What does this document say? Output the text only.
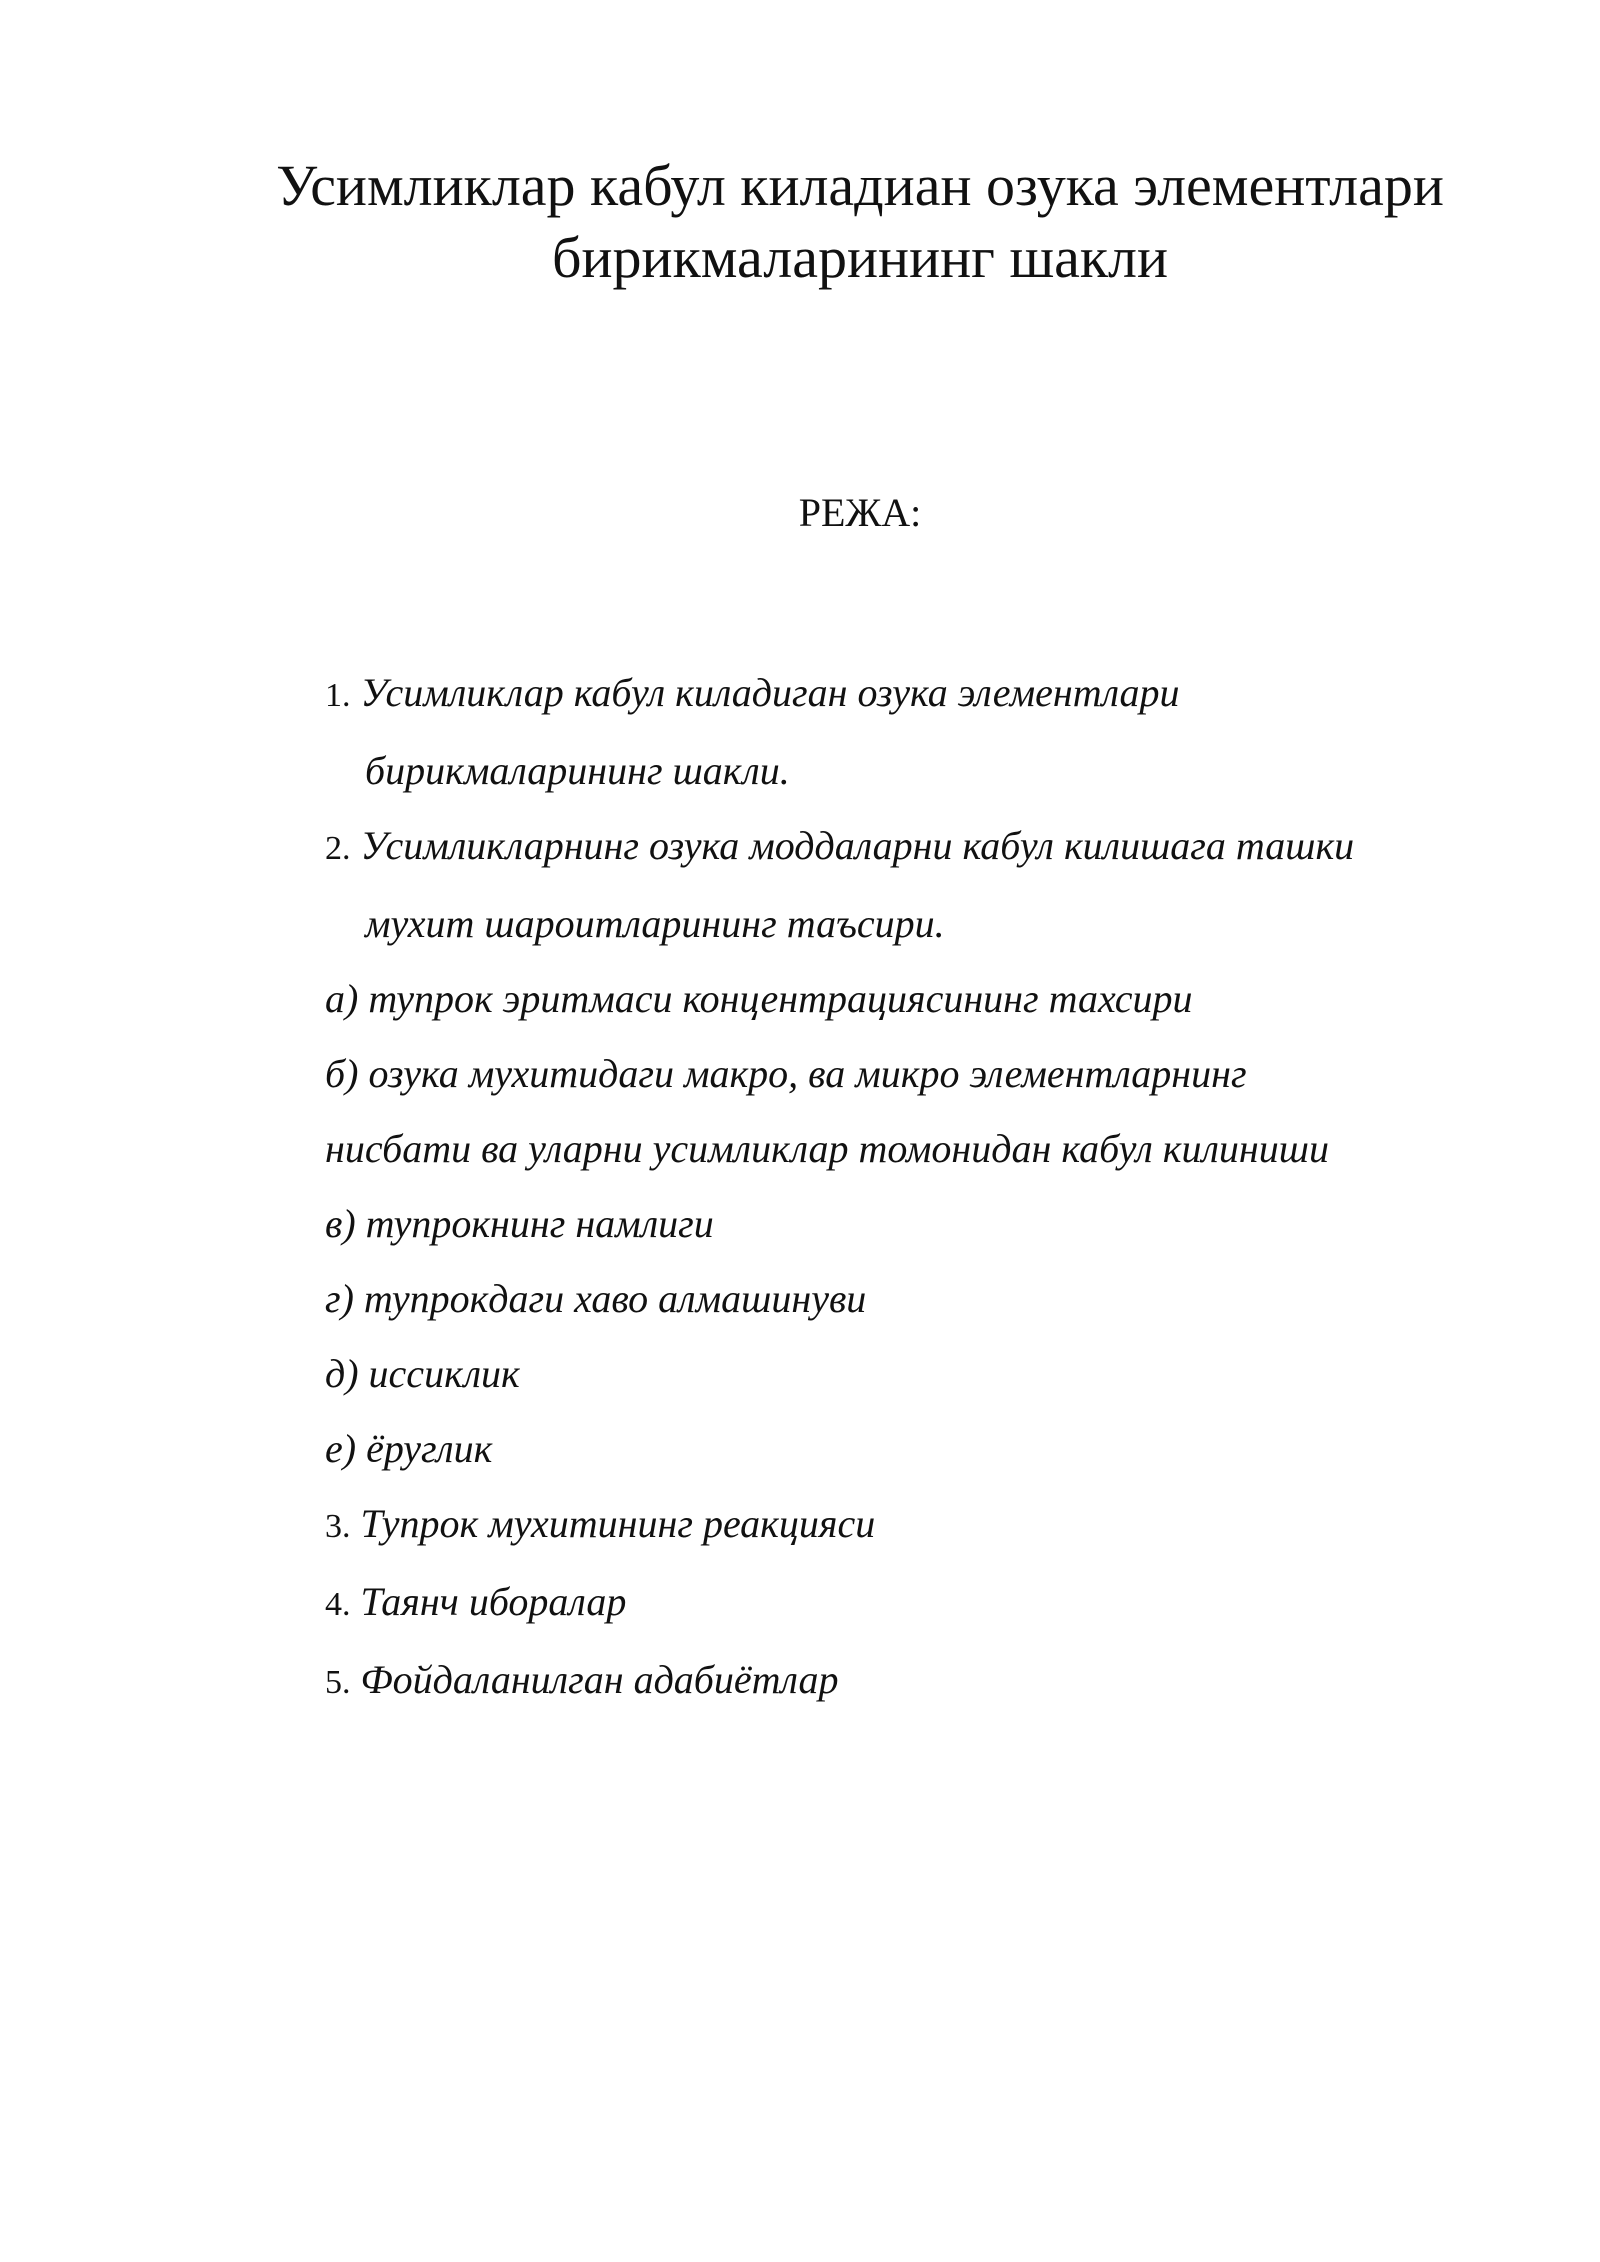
Усимликлар кабул киладиан озука элементлари
бирикмаларининг шакли
РЕЖА:
1. Усимликлар кабул киладиган озука элементлари
бирикмаларининг шакли.
2. Усимликларнинг озука моддаларни кабул килишага ташки
мухит шароитларининг таъсири.
а) тупрок эритмаси концентрациясининг тахсири
б) озука мухитидаги макро, ва микро элементларнинг
нисбати ва уларни усимликлар томонидан кабул килиниши
в) тупрокнинг намлиги
г) тупрокдаги хаво алмашинуви
д) иссиклик
е) ёруглик
3. Тупрок мухитининг реакцияси
4. Таянч иборалар
5. Фойдаланилган адабиётлар
